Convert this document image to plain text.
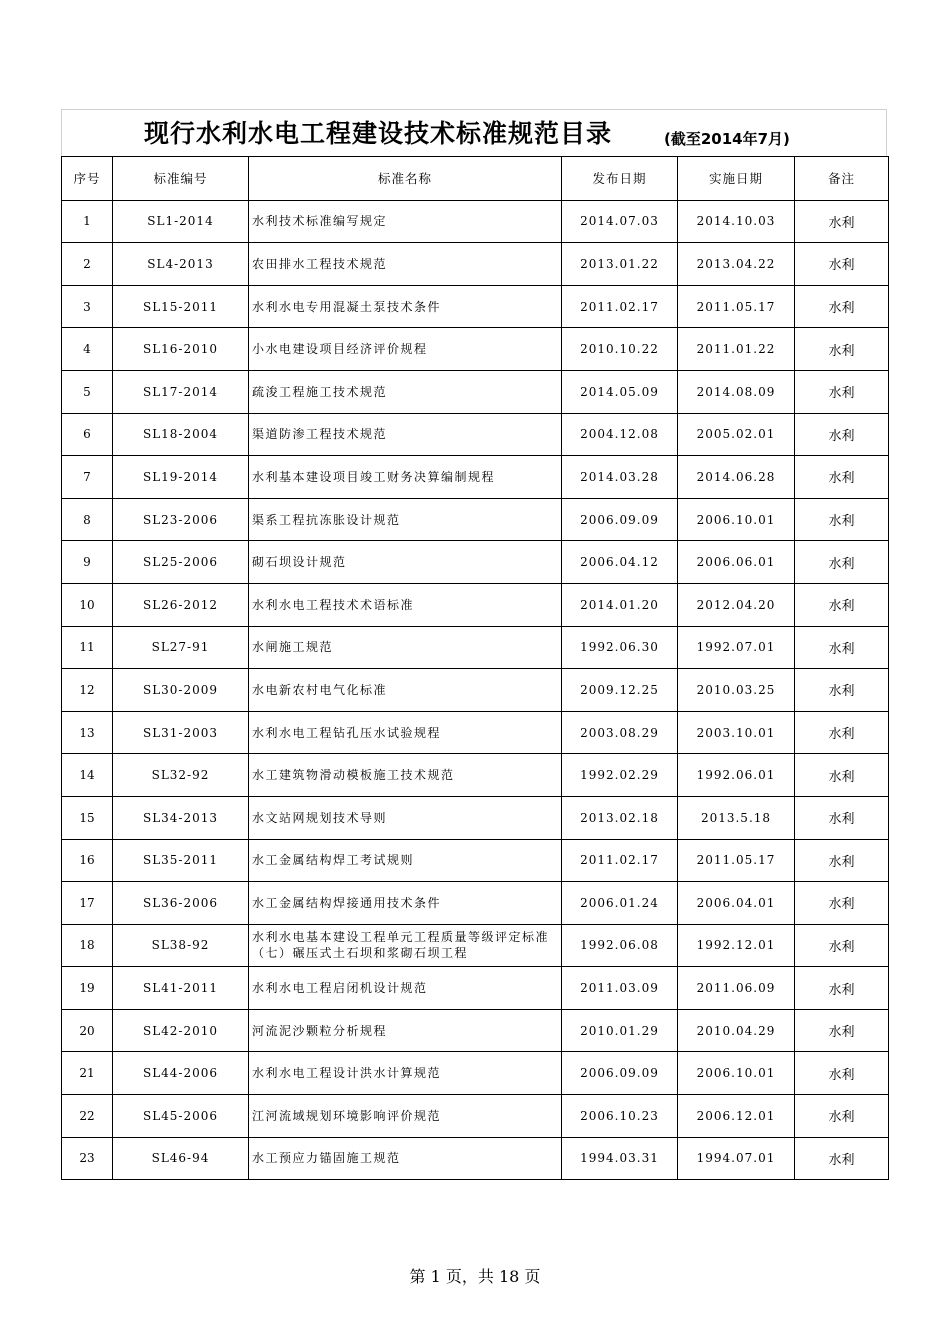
现行水利水电工程建设技术标准规范目录	(截至2014年7月)
序号	标准编号	标准名称	发布日期	实施日期	备注
1	SL1-2014	水利技术标准编写规定	2014.07.03	2014.10.03	水利
2	SL4-2013	农田排水工程技术规范	2013.01.22	2013.04.22	水利
3	SL15-2011	水利水电专用混凝土泵技术条件	2011.02.17	2011.05.17	水利
4	SL16-2010	小水电建设项目经济评价规程	2010.10.22	2011.01.22	水利
5	SL17-2014	疏浚工程施工技术规范	2014.05.09	2014.08.09	水利
6	SL18-2004	渠道防渗工程技术规范	2004.12.08	2005.02.01	水利
7	SL19-2014	水利基本建设项目竣工财务决算编制规程	2014.03.28	2014.06.28	水利
8	SL23-2006	渠系工程抗冻胀设计规范	2006.09.09	2006.10.01	水利
9	SL25-2006	砌石坝设计规范	2006.04.12	2006.06.01	水利
10	SL26-2012	水利水电工程技术术语标准	2014.01.20	2012.04.20	水利
11	SL27-91	水闸施工规范	1992.06.30	1992.07.01	水利
12	SL30-2009	水电新农村电气化标准	2009.12.25	2010.03.25	水利
13	SL31-2003	水利水电工程钻孔压水试验规程	2003.08.29	2003.10.01	水利
14	SL32-92	水工建筑物滑动模板施工技术规范	1992.02.29	1992.06.01	水利
15	SL34-2013	水文站网规划技术导则	2013.02.18	2013.5.18	水利
16	SL35-2011	水工金属结构焊工考试规则	2011.02.17	2011.05.17	水利
17	SL36-2006	水工金属结构焊接通用技术条件	2006.01.24	2006.04.01	水利
18	SL38-92	水利水电基本建设工程单元工程质量等级评定标准（七）碾压式土石坝和浆砌石坝工程	1992.06.08	1992.12.01	水利
19	SL41-2011	水利水电工程启闭机设计规范	2011.03.09	2011.06.09	水利
20	SL42-2010	河流泥沙颗粒分析规程	2010.01.29	2010.04.29	水利
21	SL44-2006	水利水电工程设计洪水计算规范	2006.09.09	2006.10.01	水利
22	SL45-2006	江河流域规划环境影响评价规范	2006.10.23	2006.12.01	水利
23	SL46-94	水工预应力锚固施工规范	1994.03.31	1994.07.01	水利
第 1 页，共 18 页
